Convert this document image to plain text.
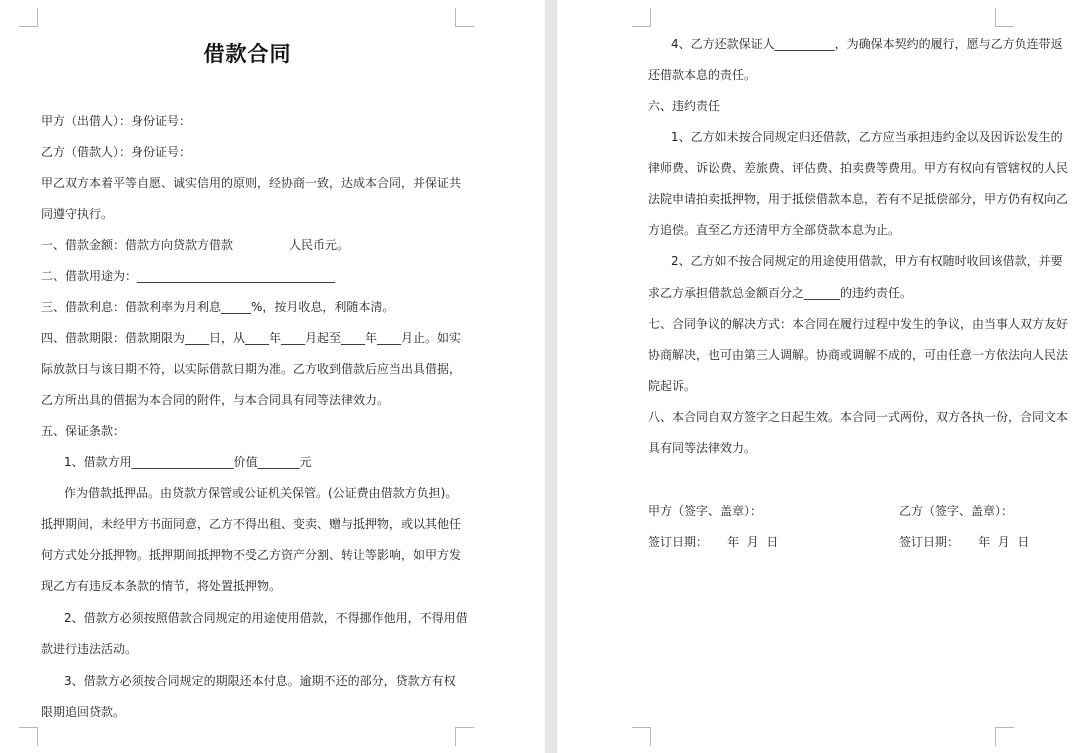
借款合同
甲方（出借人）：身份证号：
乙方（借款人）：身份证号：
甲乙双方本着平等自愿、诚实信用的原则，经协商一致，达成本合同，并保证共
同遵守执行。
一、借款金额：借款方向贷款方借款	人民币元。
二、借款用途为：_________________________________
三、借款利息：借款利率为月利息_____%，按月收息，利随本清。
四、借款期限：借款期限为____日，从____年____月起至____年____月止。如实
际放款日与该日期不符，以实际借款日期为准。乙方收到借款后应当出具借据，
乙方所出具的借据为本合同的附件，与本合同具有同等法律效力。
五、保证条款：
1、借款方用_________________价值_______元
作为借款抵押品。由贷款方保管或公证机关保管。(公证费由借款方负担)。
抵押期间，未经甲方书面同意，乙方不得出租、变卖、赠与抵押物，或以其他任
何方式处分抵押物。抵押期间抵押物不受乙方资产分割、转让等影响，如甲方发
现乙方有违反本条款的情节，将处置抵押物。
2、借款方必须按照借款合同规定的用途使用借款，不得挪作他用，不得用借
款进行违法活动。
3、借款方必须按合同规定的期限还本付息。逾期不还的部分，贷款方有权
限期追回贷款。
4、乙方还款保证人__________，为确保本契约的履行，愿与乙方负连带返
还借款本息的责任。
六、违约责任
1、乙方如未按合同规定归还借款，乙方应当承担违约金以及因诉讼发生的
律师费、诉讼费、差旅费、评估费、拍卖费等费用。甲方有权向有管辖权的人民
法院申请拍卖抵押物，用于抵偿借款本息，若有不足抵偿部分，甲方仍有权向乙
方追偿。直至乙方还清甲方全部贷款本息为止。
2、乙方如不按合同规定的用途使用借款，甲方有权随时收回该借款，并要
求乙方承担借款总金额百分之______的违约责任。
七、合同争议的解决方式：本合同在履行过程中发生的争议，由当事人双方友好
协商解决，也可由第三人调解。协商或调解不成的，可由任意一方依法向人民法
院起诉。
八、本合同自双方签字之日起生效。本合同一式两份，双方各执一份，合同文本
具有同等法律效力。
甲方（签字、盖章）：	乙方（签字、盖章）：
签订日期：     年  月  日	签订日期：     年  月  日
